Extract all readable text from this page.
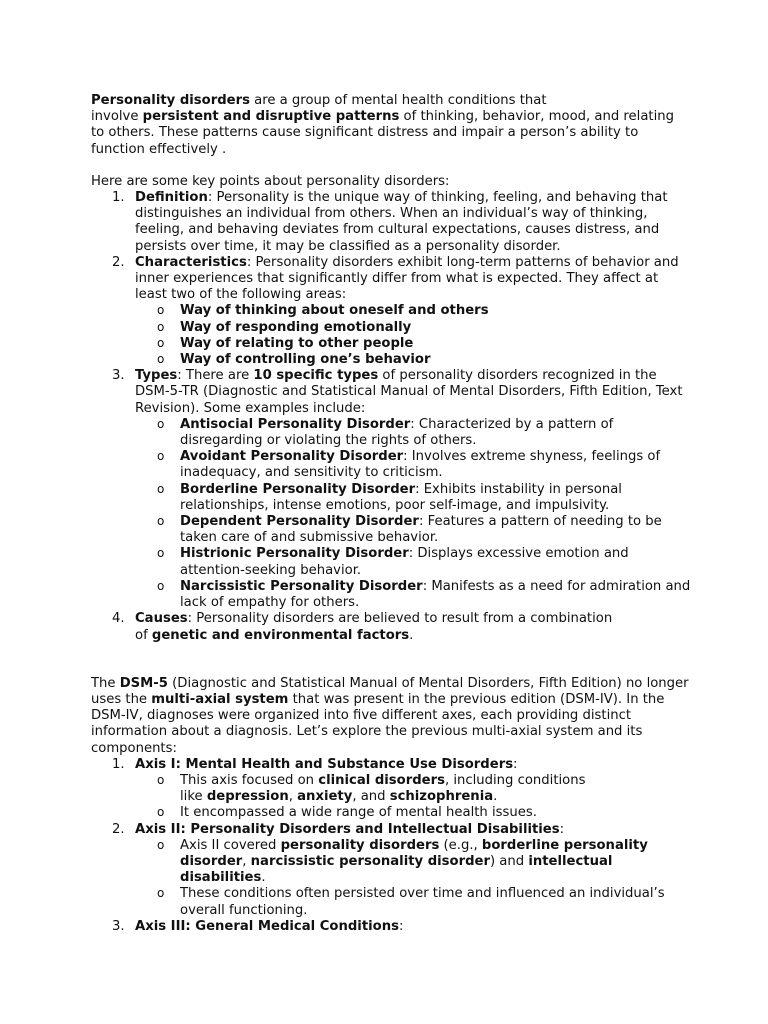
Personality disorders are a group of mental health conditions that
involve persistent and disruptive patterns of thinking, behavior, mood, and relating to others. These patterns cause significant distress and impair a person’s ability to function effectively .

Here are some key points about personality disorders:

1. Definition: Personality is the unique way of thinking, feeling, and behaving that distinguishes an individual from others. When an individual’s way of thinking, feeling, and behaving deviates from cultural expectations, causes distress, and persists over time, it may be classified as a personality disorder.
2. Characteristics: Personality disorders exhibit long-term patterns of behavior and inner experiences that significantly differ from what is expected. They affect at least two of the following areas:
o Way of thinking about oneself and others
o Way of responding emotionally
o Way of relating to other people
o Way of controlling one’s behavior
3. Types: There are 10 specific types of personality disorders recognized in the DSM-5-TR (Diagnostic and Statistical Manual of Mental Disorders, Fifth Edition, Text Revision). Some examples include:
o Antisocial Personality Disorder: Characterized by a pattern of disregarding or violating the rights of others.
o Avoidant Personality Disorder: Involves extreme shyness, feelings of inadequacy, and sensitivity to criticism.
o Borderline Personality Disorder: Exhibits instability in personal relationships, intense emotions, poor self-image, and impulsivity.
o Dependent Personality Disorder: Features a pattern of needing to be taken care of and submissive behavior.
o Histrionic Personality Disorder: Displays excessive emotion and attention-seeking behavior.
o Narcissistic Personality Disorder: Manifests as a need for admiration and lack of empathy for others.
4. Causes: Personality disorders are believed to result from a combination
of genetic and environmental factors.

The DSM-5 (Diagnostic and Statistical Manual of Mental Disorders, Fifth Edition) no longer uses the multi-axial system that was present in the previous edition (DSM-IV). In the DSM-IV, diagnoses were organized into five different axes, each providing distinct information about a diagnosis. Let’s explore the previous multi-axial system and its components:

1. Axis I: Mental Health and Substance Use Disorders:
o This axis focused on clinical disorders, including conditions
like depression, anxiety, and schizophrenia.
o It encompassed a wide range of mental health issues.
2. Axis II: Personality Disorders and Intellectual Disabilities:
o Axis II covered personality disorders (e.g., borderline personality disorder, narcissistic personality disorder) and intellectual disabilities.
o These conditions often persisted over time and influenced an individual’s overall functioning.
3. Axis III: General Medical Conditions:
